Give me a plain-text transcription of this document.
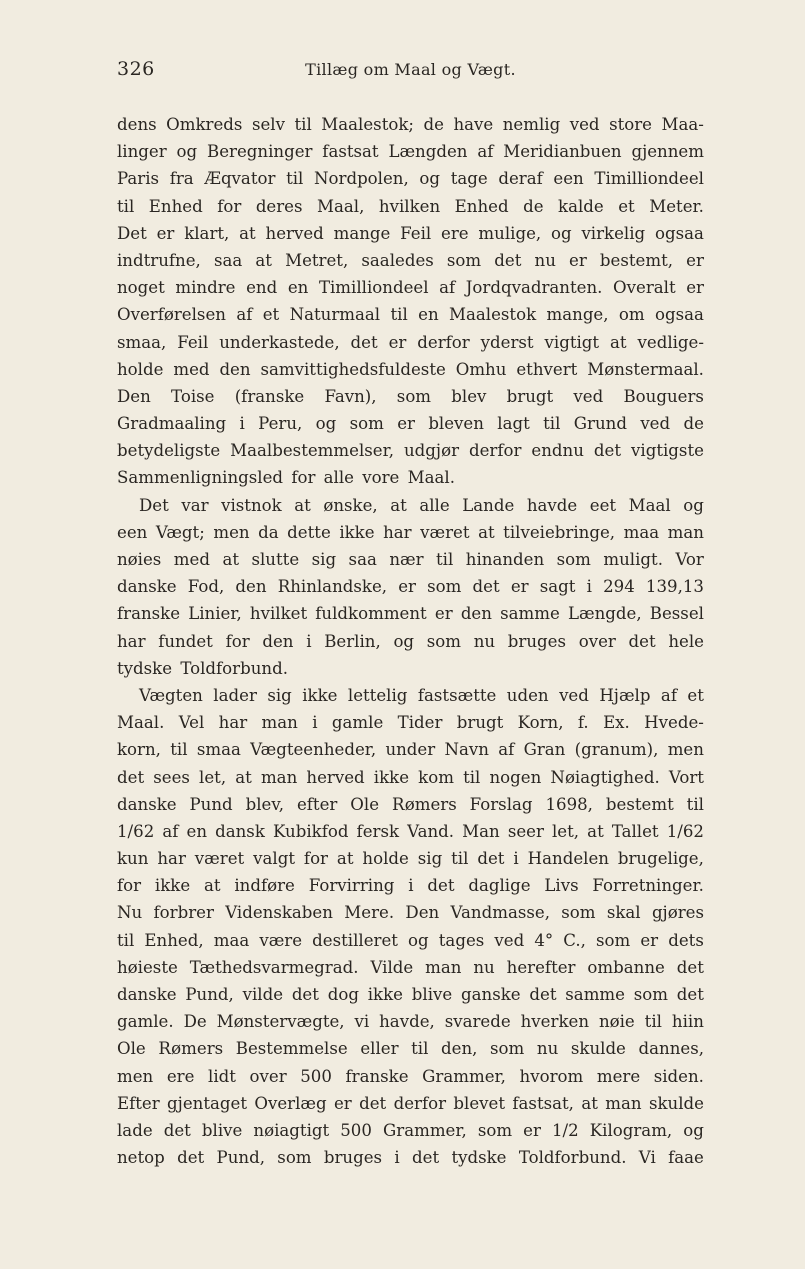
326	Tillæg om Maal og Vægt.
dens Omkreds selv til Maalestok; de have nemlig ved store Maa-
linger og Beregninger fastsat Længden af Meridianbuen gjennem
Paris fra Æqvator til Nordpolen, og tage deraf een Timilliondeel
til Enhed for deres Maal, hvilken Enhed de kalde et Meter.
Det er klart, at herved mange Feil ere mulige, og virkelig ogsaa
indtrufne, saa at Metret, saaledes som det nu er bestemt, er
noget mindre end en Timilliondeel af Jordqvadranten. Overalt er
Overførelsen af et Naturmaal til en Maalestok mange, om ogsaa
smaa, Feil underkastede, det er derfor yderst vigtigt at vedlige-
holde med den samvittighedsfuldeste Omhu ethvert Mønstermaal.
Den Toise (franske Favn), som blev brugt ved Bouguers
Gradmaaling i Peru, og som er bleven lagt til Grund ved de
betydeligste Maalbestemmelser, udgjør derfor endnu det vigtigste
Sammenligningsled for alle vore Maal.
Det var vistnok at ønske, at alle Lande havde eet Maal og
een Vægt; men da dette ikke har været at tilveiebringe, maa man
nøies med at slutte sig saa nær til hinanden som muligt. Vor
danske Fod, den Rhinlandske, er som det er sagt i 294 139,13
franske Linier, hvilket fuldkomment er den samme Længde, Bessel
har fundet for den i Berlin, og som nu bruges over det hele
tydske Toldforbund.
Vægten lader sig ikke lettelig fastsætte uden ved Hjælp af et
Maal. Vel har man i gamle Tider brugt Korn, f. Ex. Hvede-
korn, til smaa Vægteenheder, under Navn af Gran (granum), men
det sees let, at man herved ikke kom til nogen Nøiagtighed. Vort
danske Pund blev, efter Ole Rømers Forslag 1698, bestemt til
1/62 af en dansk Kubikfod fersk Vand. Man seer let, at Tallet 1/62
kun har været valgt for at holde sig til det i Handelen brugelige,
for ikke at indføre Forvirring i det daglige Livs Forretninger.
Nu forbrer Videnskaben Mere. Den Vandmasse, som skal gjøres
til Enhed, maa være destilleret og tages ved 4° C., som er dets
høieste Tæthedsvarmegrad. Vilde man nu herefter ombanne det
danske Pund, vilde det dog ikke blive ganske det samme som det
gamle. De Mønstervægte, vi havde, svarede hverken nøie til hiin
Ole Rømers Bestemmelse eller til den, som nu skulde dannes,
men ere lidt over 500 franske Grammer, hvorom mere siden.
Efter gjentaget Overlæg er det derfor blevet fastsat, at man skulde
lade det blive nøiagtigt 500 Grammer, som er 1/2 Kilogram, og
netop det Pund, som bruges i det tydske Toldforbund. Vi faae
